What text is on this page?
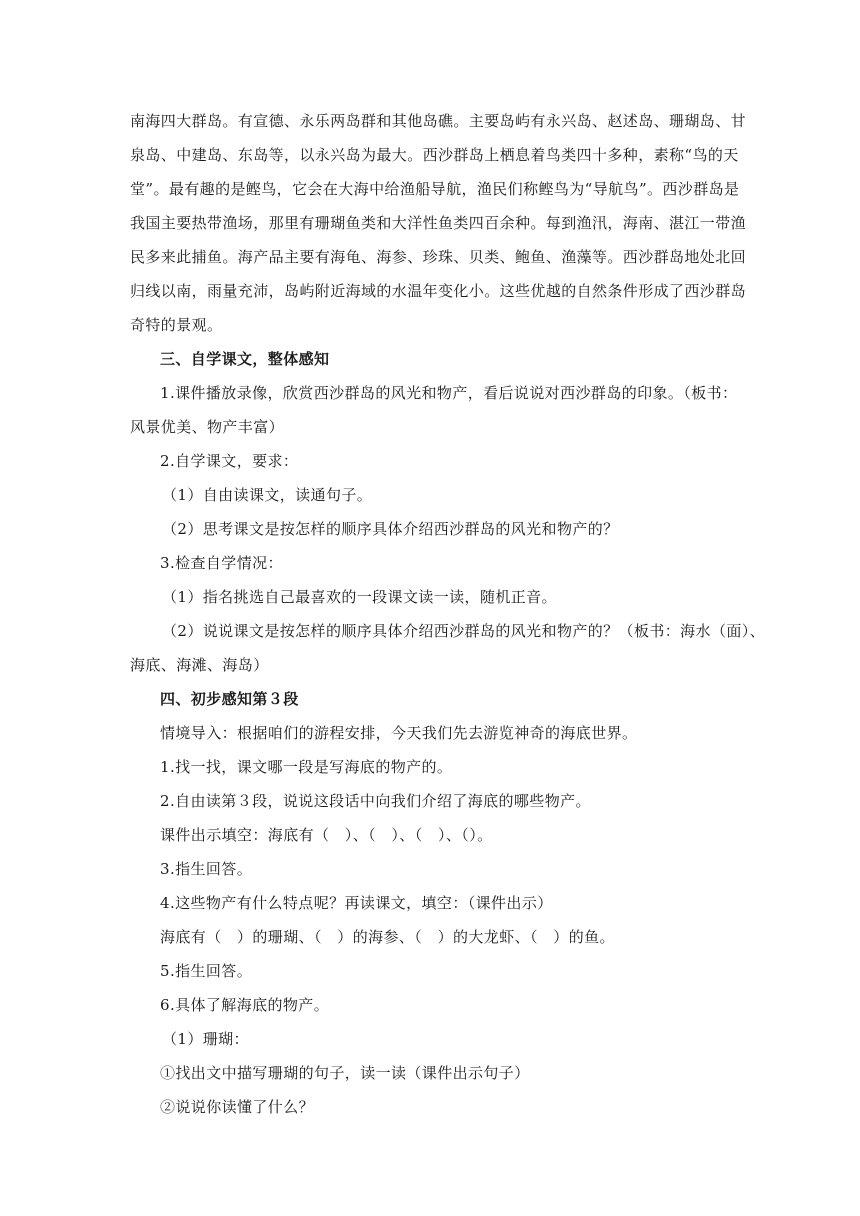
南海四大群岛。有宣德、永乐两岛群和其他岛礁。主要岛屿有永兴岛、赵述岛、珊瑚岛、甘
泉岛、中建岛、东岛等，以永兴岛为最大。西沙群岛上栖息着鸟类四十多种，素称“鸟的天
堂”。最有趣的是鲣鸟，它会在大海中给渔船导航，渔民们称鲣鸟为“导航鸟”。西沙群岛是
我国主要热带渔场，那里有珊瑚鱼类和大洋性鱼类四百余种。每到渔汛，海南、湛江一带渔
民多来此捕鱼。海产品主要有海龟、海参、珍珠、贝类、鲍鱼、渔藻等。西沙群岛地处北回
归线以南，雨量充沛，岛屿附近海域的水温年变化小。这些优越的自然条件形成了西沙群岛
奇特的景观。
三、自学课文，整体感知
1.课件播放录像，欣赏西沙群岛的风光和物产，看后说说对西沙群岛的印象。（板书：
风景优美、物产丰富）
2.自学课文，要求：
（1）自由读课文，读通句子。
（2）思考课文是按怎样的顺序具体介绍西沙群岛的风光和物产的？
3.检查自学情况：
（1）指名挑选自己最喜欢的一段课文读一读，随机正音。
（2）说说课文是按怎样的顺序具体介绍西沙群岛的风光和物产的？（板书：海水（面）、
海底、海滩、海岛）
四、初步感知第３段
情境导入：根据咱们的游程安排，今天我们先去游览神奇的海底世界。
1.找一找，课文哪一段是写海底的物产的。
2.自由读第３段，说说这段话中向我们介绍了海底的哪些物产。
课件出示填空：海底有（　）、（　）、（　）、（）。
3.指生回答。
4.这些物产有什么特点呢？再读课文，填空：（课件出示）
海底有（　）的珊瑚、（　）的海参、（　）的大龙虾、（　）的鱼。
5.指生回答。
6.具体了解海底的物产。
（1）珊瑚：
①找出文中描写珊瑚的句子，读一读（课件出示句子）
②说说你读懂了什么？
